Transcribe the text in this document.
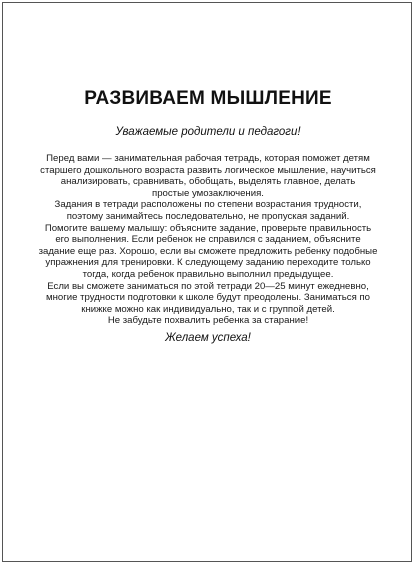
РАЗВИВАЕМ МЫШЛЕНИЕ
Уважаемые родители и педагоги!
Перед вами — занимательная рабочая тетрадь, которая поможет детям
старшего дошкольного возраста развить логическое мышление, научиться
анализировать, сравнивать, обобщать, выделять главное, делать
простые умозаключения.
Задания в тетради расположены по степени возрастания трудности,
поэтому занимайтесь последовательно, не пропуская заданий.
Помогите вашему малышу: объясните задание, проверьте правильность
его выполнения. Если ребенок не справился с заданием, объясните
задание еще раз. Хорошо, если вы сможете предложить ребенку подобные
упражнения для тренировки. К следующему заданию переходите только
тогда, когда ребенок правильно выполнил предыдущее.
Если вы сможете заниматься по этой тетради 20—25 минут ежедневно,
многие трудности подготовки к школе будут преодолены. Заниматься по
книжке можно как индивидуально, так и с группой детей.
Не забудьте похвалить ребенка за старание!
Желаем успеха!
